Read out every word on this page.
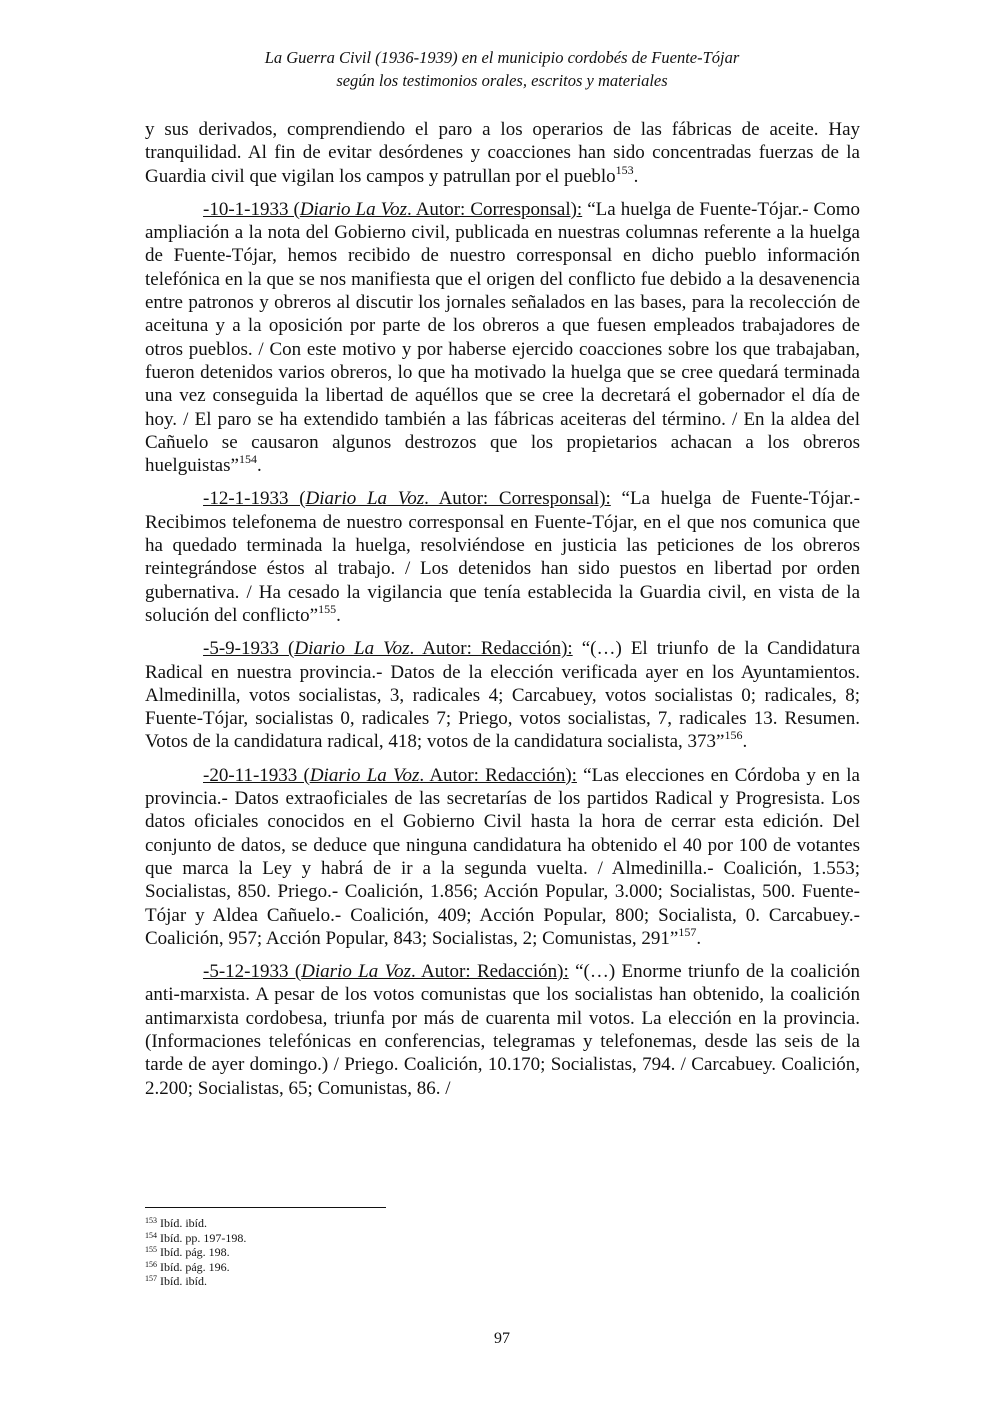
La Guerra Civil (1936-1939) en el municipio cordobés de Fuente-Tójar
según los testimonios orales, escritos y materiales

y sus derivados, comprendiendo el paro a los operarios de las fábricas de aceite. Hay tranquilidad. Al fin de evitar desórdenes y coacciones han sido concentradas fuerzas de la Guardia civil que vigilan los campos y patrullan por el pueblo$^{153}$.

-10-1-1933 (Diario La Voz. Autor: Corresponsal): “La huelga de Fuente-Tójar.- Como ampliación a la nota del Gobierno civil, publicada en nuestras columnas referente a la huelga de Fuente-Tójar, hemos recibido de nuestro corresponsal en dicho pueblo información telefónica en la que se nos manifiesta que el origen del conflicto fue debido a la desavenencia entre patronos y obreros al discutir los jornales señalados en las bases, para la recolección de aceituna y a la oposición por parte de los obreros a que fuesen empleados trabajadores de otros pueblos. / Con este motivo y por haberse ejercido coacciones sobre los que trabajaban, fueron detenidos varios obreros, lo que ha motivado la huelga que se cree quedará terminada una vez conseguida la libertad de aquéllos que se cree la decretará el gobernador el día de hoy. / El paro se ha extendido también a las fábricas aceiteras del término. / En la aldea del Cañuelo se causaron algunos destrozos que los propietarios achacan a los obreros huelguistas”$^{154}$.

-12-1-1933 (Diario La Voz. Autor: Corresponsal): “La huelga de Fuente-Tójar.- Recibimos telefonema de nuestro corresponsal en Fuente-Tójar, en el que nos comunica que ha quedado terminada la huelga, resolviéndose en justicia las peticiones de los obreros reintegrándose éstos al trabajo. / Los detenidos han sido puestos en libertad por orden gubernativa. / Ha cesado la vigilancia que tenía establecida la Guardia civil, en vista de la solución del conflicto”$^{155}$.

-5-9-1933 (Diario La Voz. Autor: Redacción): “(…) El triunfo de la Candidatura Radical en nuestra provincia.- Datos de la elección verificada ayer en los Ayuntamientos. Almedinilla, votos socialistas, 3, radicales 4; Carcabuey, votos socialistas 0; radicales, 8; Fuente-Tójar, socialistas 0, radicales 7; Priego, votos socialistas, 7, radicales 13. Resumen. Votos de la candidatura radical, 418; votos de la candidatura socialista, 373”$^{156}$.

-20-11-1933 (Diario La Voz. Autor: Redacción): “Las elecciones en Córdoba y en la provincia.- Datos extraoficiales de las secretarías de los partidos Radical y Progresista. Los datos oficiales conocidos en el Gobierno Civil hasta la hora de cerrar esta edición. Del conjunto de datos, se deduce que ninguna candidatura ha obtenido el 40 por 100 de votantes que marca la Ley y habrá de ir a la segunda vuelta. / Almedinilla.- Coalición, 1.553; Socialistas, 850. Priego.- Coalición, 1.856; Acción Popular, 3.000; Socialistas, 500. Fuente-Tójar y Aldea Cañuelo.- Coalición, 409; Acción Popular, 800; Socialista, 0. Carcabuey.- Coalición, 957; Acción Popular, 843; Socialistas, 2; Comunistas, 291”$^{157}$.

-5-12-1933 (Diario La Voz. Autor: Redacción): “(…) Enorme triunfo de la coalición anti-marxista. A pesar de los votos comunistas que los socialistas han obtenido, la coalición antimarxista cordobesa, triunfa por más de cuarenta mil votos. La elección en la provincia. (Informaciones telefónicas en conferencias, telegramas y telefonemas, desde las seis de la tarde de ayer domingo.) / Priego. Coalición, 10.170; Socialistas, 794. / Carcabuey. Coalición, 2.200; Socialistas, 65; Comunistas, 86. /

$^{153}$ Ibíd. ibíd.
$^{154}$ Ibíd. pp. 197-198.
$^{155}$ Ibíd. pág. 198.
$^{156}$ Ibíd. pág. 196.
$^{157}$ Ibíd. ibíd.
97
